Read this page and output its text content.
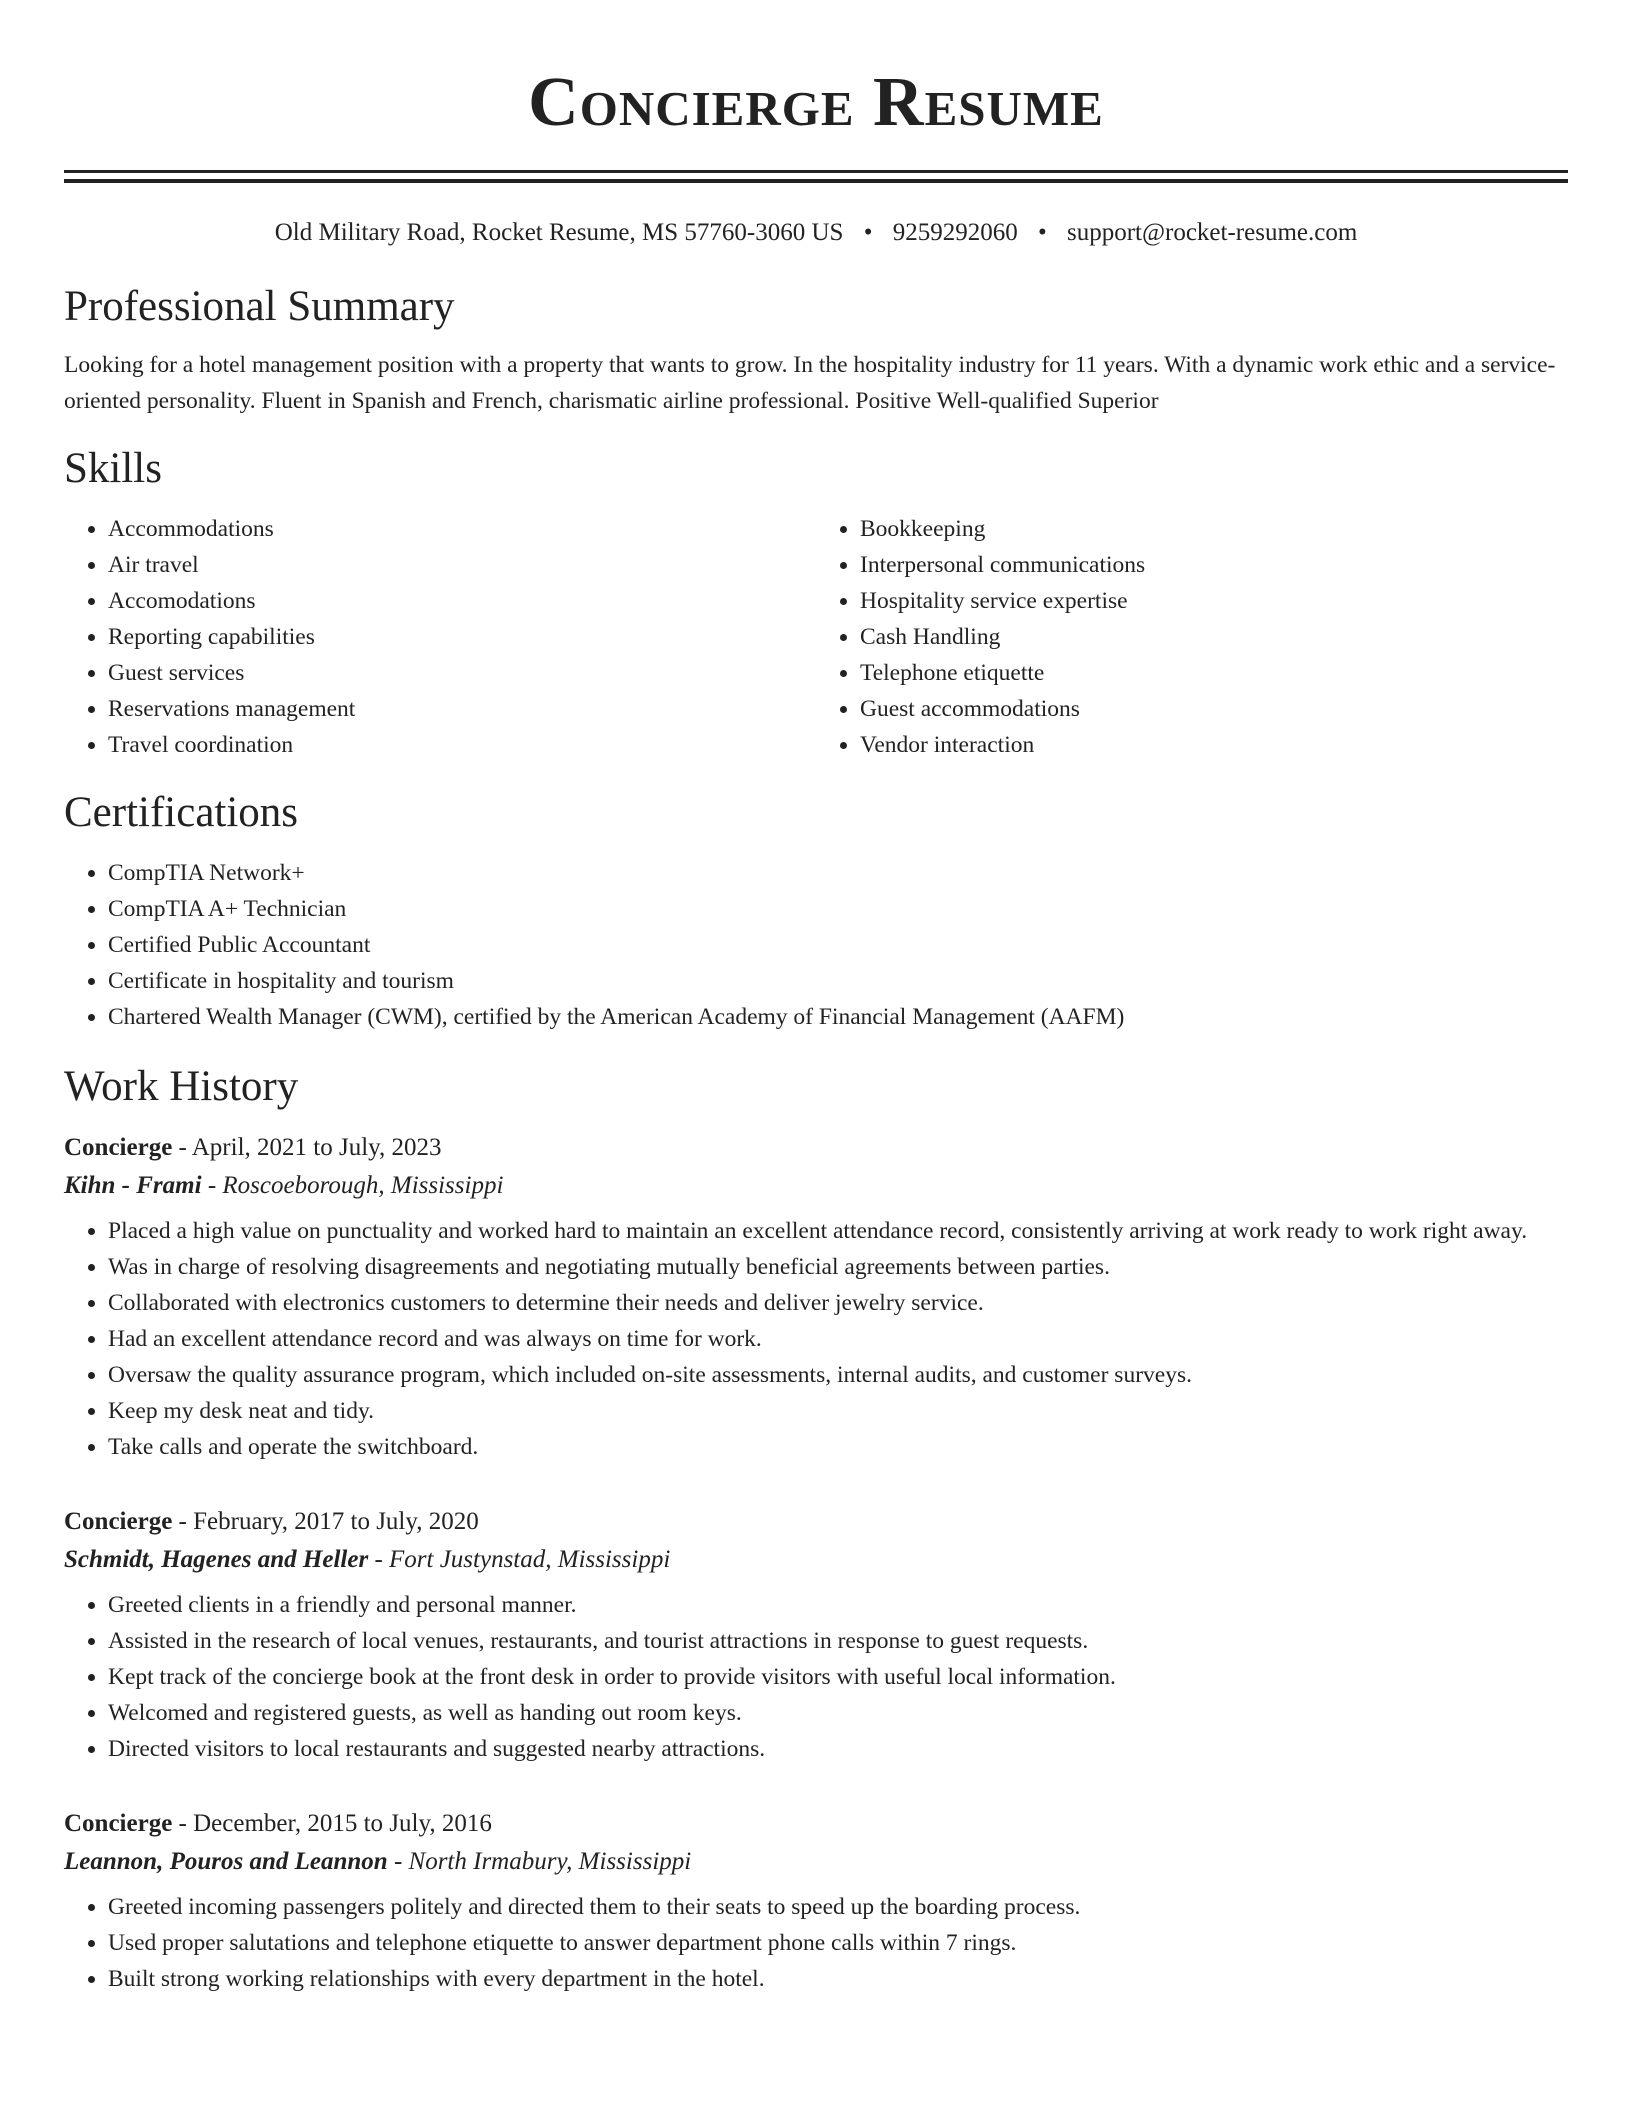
Concierge Resume
Old Military Road, Rocket Resume, MS 57760-3060 US • 9259292060 • support@rocket-resume.com
Professional Summary

Looking for a hotel management position with a property that wants to grow. In the hospitality industry for 11 years. With a dynamic work ethic and a service-oriented personality. Fluent in Spanish and French, charismatic airline professional. Positive Well-qualified Superior

Skills
• Accommodations
• Air travel
• Accomodations
• Reporting capabilities
• Guest services
• Reservations management
• Travel coordination
• Bookkeeping
• Interpersonal communications
• Hospitality service expertise
• Cash Handling
• Telephone etiquette
• Guest accommodations
• Vendor interaction
Certifications
• CompTIA Network+
• CompTIA A+ Technician
• Certified Public Accountant
• Certificate in hospitality and tourism
• Chartered Wealth Manager (CWM), certified by the American Academy of Financial Management (AAFM)
Work History
Concierge - April, 2021 to July, 2023
Kihn - Frami - Roscoeborough, Mississippi
• Placed a high value on punctuality and worked hard to maintain an excellent attendance record, consistently arriving at work ready to work right away.
• Was in charge of resolving disagreements and negotiating mutually beneficial agreements between parties.
• Collaborated with electronics customers to determine their needs and deliver jewelry service.
• Had an excellent attendance record and was always on time for work.
• Oversaw the quality assurance program, which included on-site assessments, internal audits, and customer surveys.
• Keep my desk neat and tidy.
• Take calls and operate the switchboard.
Concierge - February, 2017 to July, 2020
Schmidt, Hagenes and Heller - Fort Justynstad, Mississippi
• Greeted clients in a friendly and personal manner.
• Assisted in the research of local venues, restaurants, and tourist attractions in response to guest requests.
• Kept track of the concierge book at the front desk in order to provide visitors with useful local information.
• Welcomed and registered guests, as well as handing out room keys.
• Directed visitors to local restaurants and suggested nearby attractions.
Concierge - December, 2015 to July, 2016
Leannon, Pouros and Leannon - North Irmabury, Mississippi
• Greeted incoming passengers politely and directed them to their seats to speed up the boarding process.
• Used proper salutations and telephone etiquette to answer department phone calls within 7 rings.
• Built strong working relationships with every department in the hotel.
